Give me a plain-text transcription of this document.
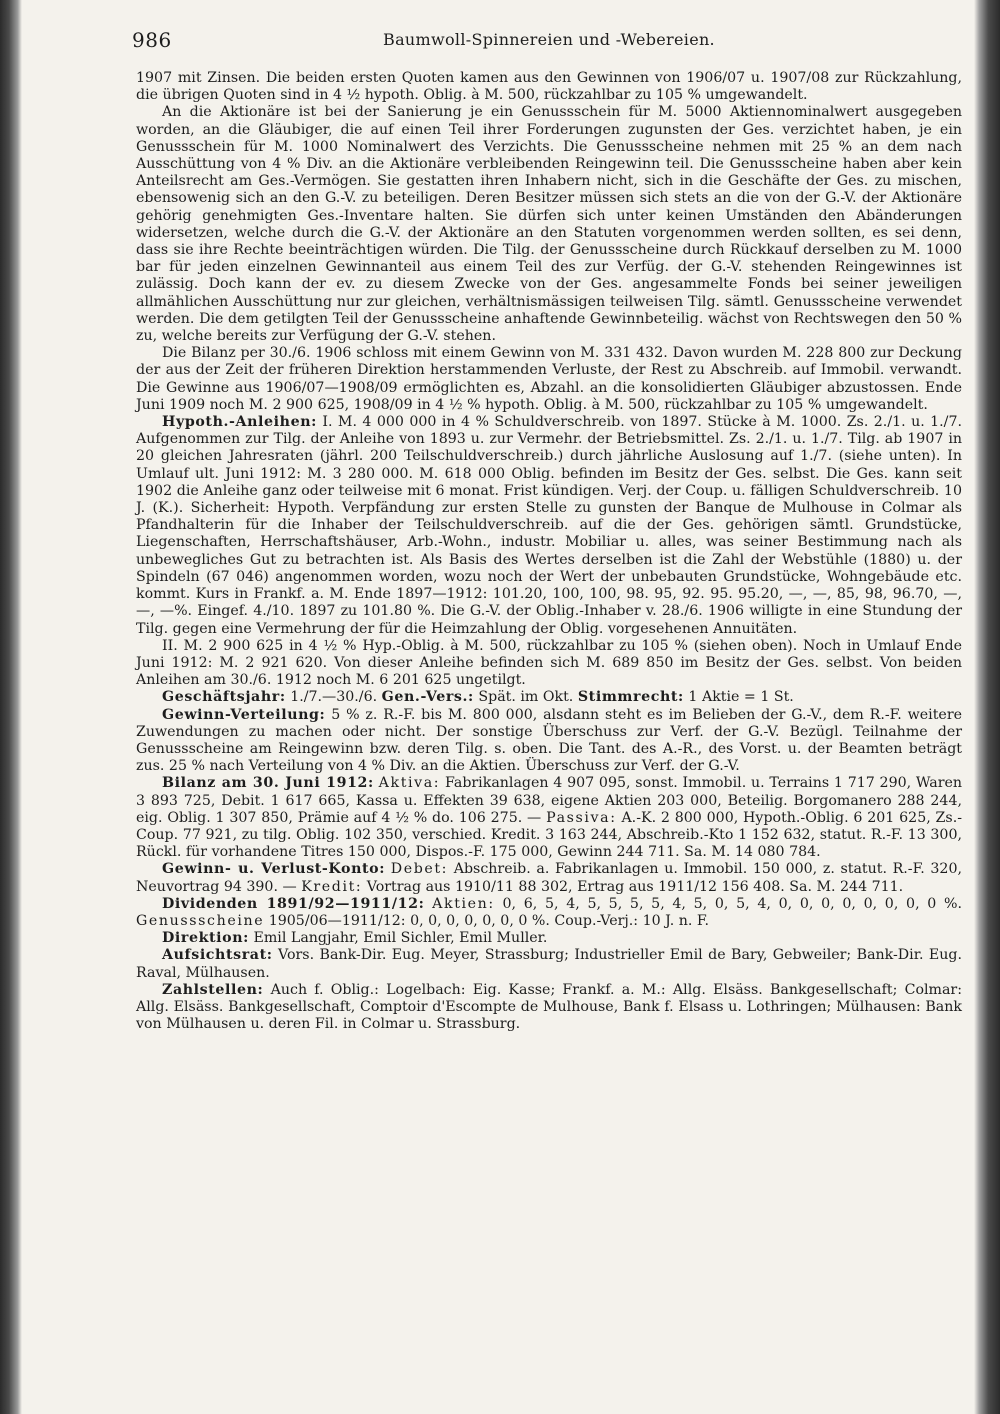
986	Baumwoll-Spinnereien und -Webereien.

1907 mit Zinsen. Die beiden ersten Quoten kamen aus den Gewinnen von 1906/07 u. 1907/08 zur Rückzahlung, die übrigen Quoten sind in 4 ½ hypoth. Oblig. à M. 500, rückzahlbar zu 105 % umgewandelt.

An die Aktionäre ist bei der Sanierung je ein Genussschein für M. 5000 Aktiennominalwert ausgegeben worden, an die Gläubiger, die auf einen Teil ihrer Forderungen zugunsten der Ges. verzichtet haben, je ein Genussschein für M. 1000 Nominalwert des Verzichts. Die Genussscheine nehmen mit 25 % an dem nach Ausschüttung von 4 % Div. an die Aktionäre verbleibenden Reingewinn teil. Die Genussscheine haben aber kein Anteilsrecht am Ges.-Vermögen. Sie gestatten ihren Inhabern nicht, sich in die Geschäfte der Ges. zu mischen, ebensowenig sich an den G.-V. zu beteiligen. Deren Besitzer müssen sich stets an die von der G.-V. der Aktionäre gehörig genehmigten Ges.-Inventare halten. Sie dürfen sich unter keinen Umständen den Abänderungen widersetzen, welche durch die G.-V. der Aktionäre an den Statuten vorgenommen werden sollten, es sei denn, dass sie ihre Rechte beeinträchtigen würden. Die Tilg. der Genussscheine durch Rückkauf derselben zu M. 1000 bar für jeden einzelnen Gewinnanteil aus einem Teil des zur Verfüg. der G.-V. stehenden Reingewinnes ist zulässig. Doch kann der ev. zu diesem Zwecke von der Ges. angesammelte Fonds bei seiner jeweiligen allmählichen Ausschüttung nur zur gleichen, verhältnismässigen teilweisen Tilg. sämtl. Genussscheine verwendet werden. Die dem getilgten Teil der Genussscheine anhaftende Gewinnbeteilig. wächst von Rechtswegen den 50 % zu, welche bereits zur Verfügung der G.-V. stehen.

Die Bilanz per 30./6. 1906 schloss mit einem Gewinn von M. 331 432. Davon wurden M. 228 800 zur Deckung der aus der Zeit der früheren Direktion herstammenden Verluste, der Rest zu Abschreib. auf Immobil. verwandt. Die Gewinne aus 1906/07—1908/09 ermöglichten es, Abzahl. an die konsolidierten Gläubiger abzustossen. Ende Juni 1909 noch M. 2 900 625, 1908/09 in 4 ½ % hypoth. Oblig. à M. 500, rückzahlbar zu 105 % umgewandelt.

Hypoth.-Anleihen: I. M. 4 000 000 in 4 % Schuldverschreib. von 1897. Stücke à M. 1000. Zs. 2./1. u. 1./7. Aufgenommen zur Tilg. der Anleihe von 1893 u. zur Vermehr. der Betriebsmittel. Zs. 2./1. u. 1./7. Tilg. ab 1907 in 20 gleichen Jahresraten (jährl. 200 Teilschuldverschreib.) durch jährliche Auslosung auf 1./7. (siehe unten). In Umlauf ult. Juni 1912: M. 3 280 000. M. 618 000 Oblig. befinden im Besitz der Ges. selbst. Die Ges. kann seit 1902 die Anleihe ganz oder teilweise mit 6 monat. Frist kündigen. Verj. der Coup. u. fälligen Schuldverschreib. 10 J. (K.). Sicherheit: Hypoth. Verpfändung zur ersten Stelle zu gunsten der Banque de Mulhouse in Colmar als Pfandhalterin für die Inhaber der Teilschuldverschreib. auf die der Ges. gehörigen sämtl. Grundstücke, Liegenschaften, Herrschaftshäuser, Arb.-Wohn., industr. Mobiliar u. alles, was seiner Bestimmung nach als unbewegliches Gut zu betrachten ist. Als Basis des Wertes derselben ist die Zahl der Webstühle (1880) u. der Spindeln (67 046) angenommen worden, wozu noch der Wert der unbebauten Grundstücke, Wohngebäude etc. kommt. Kurs in Frankf. a. M. Ende 1897—1912: 101.20, 100, 100, 98. 95, 92. 95. 95.20, —, —, 85, 98, 96.70, —, —, —%. Eingef. 4./10. 1897 zu 101.80 %. Die G.-V. der Oblig.-Inhaber v. 28./6. 1906 willigte in eine Stundung der Tilg. gegen eine Vermehrung der für die Heimzahlung der Oblig. vorgesehenen Annuitäten.

II. M. 2 900 625 in 4 ½ % Hyp.-Oblig. à M. 500, rückzahlbar zu 105 % (siehen oben). Noch in Umlauf Ende Juni 1912: M. 2 921 620. Von dieser Anleihe befinden sich M. 689 850 im Besitz der Ges. selbst. Von beiden Anleihen am 30./6. 1912 noch M. 6 201 625 ungetilgt.

Geschäftsjahr: 1./7.—30./6. Gen.-Vers.: Spät. im Okt. Stimmrecht: 1 Aktie = 1 St.

Gewinn-Verteilung: 5 % z. R.-F. bis M. 800 000, alsdann steht es im Belieben der G.-V., dem R.-F. weitere Zuwendungen zu machen oder nicht. Der sonstige Überschuss zur Verf. der G.-V. Bezügl. Teilnahme der Genussscheine am Reingewinn bzw. deren Tilg. s. oben. Die Tant. des A.-R., des Vorst. u. der Beamten beträgt zus. 25 % nach Verteilung von 4 % Div. an die Aktien. Überschuss zur Verf. der G.-V.

Bilanz am 30. Juni 1912: Aktiva: Fabrikanlagen 4 907 095, sonst. Immobil. u. Terrains 1 717 290, Waren 3 893 725, Debit. 1 617 665, Kassa u. Effekten 39 638, eigene Aktien 203 000, Beteilig. Borgomanero 288 244, eig. Oblig. 1 307 850, Prämie auf 4 ½ % do. 106 275. — Passiva: A.-K. 2 800 000, Hypoth.-Oblig. 6 201 625, Zs.-Coup. 77 921, zu tilg. Oblig. 102 350, verschied. Kredit. 3 163 244, Abschreib.-Kto 1 152 632, statut. R.-F. 13 300, Rückl. für vorhandene Titres 150 000, Dispos.-F. 175 000, Gewinn 244 711. Sa. M. 14 080 784.

Gewinn- u. Verlust-Konto: Debet: Abschreib. a. Fabrikanlagen u. Immobil. 150 000, z. statut. R.-F. 320, Neuvortrag 94 390. — Kredit: Vortrag aus 1910/11 88 302, Ertrag aus 1911/12 156 408. Sa. M. 244 711.

Dividenden 1891/92—1911/12: Aktien: 0, 6, 5, 4, 5, 5, 5, 5, 4, 5, 0, 5, 4, 0, 0, 0, 0, 0, 0, 0, 0 %. Genussscheine 1905/06—1911/12: 0, 0, 0, 0, 0, 0, 0 %. Coup.-Verj.: 10 J. n. F.

Direktion: Emil Langjahr, Emil Sichler, Emil Muller.

Aufsichtsrat: Vors. Bank-Dir. Eug. Meyer, Strassburg; Industrieller Emil de Bary, Gebweiler; Bank-Dir. Eug. Raval, Mülhausen.

Zahlstellen: Auch f. Oblig.: Logelbach: Eig. Kasse; Frankf. a. M.: Allg. Elsäss. Bankgesellschaft; Colmar: Allg. Elsäss. Bankgesellschaft, Comptoir d'Escompte de Mulhouse, Bank f. Elsass u. Lothringen; Mülhausen: Bank von Mülhausen u. deren Fil. in Colmar u. Strassburg.
